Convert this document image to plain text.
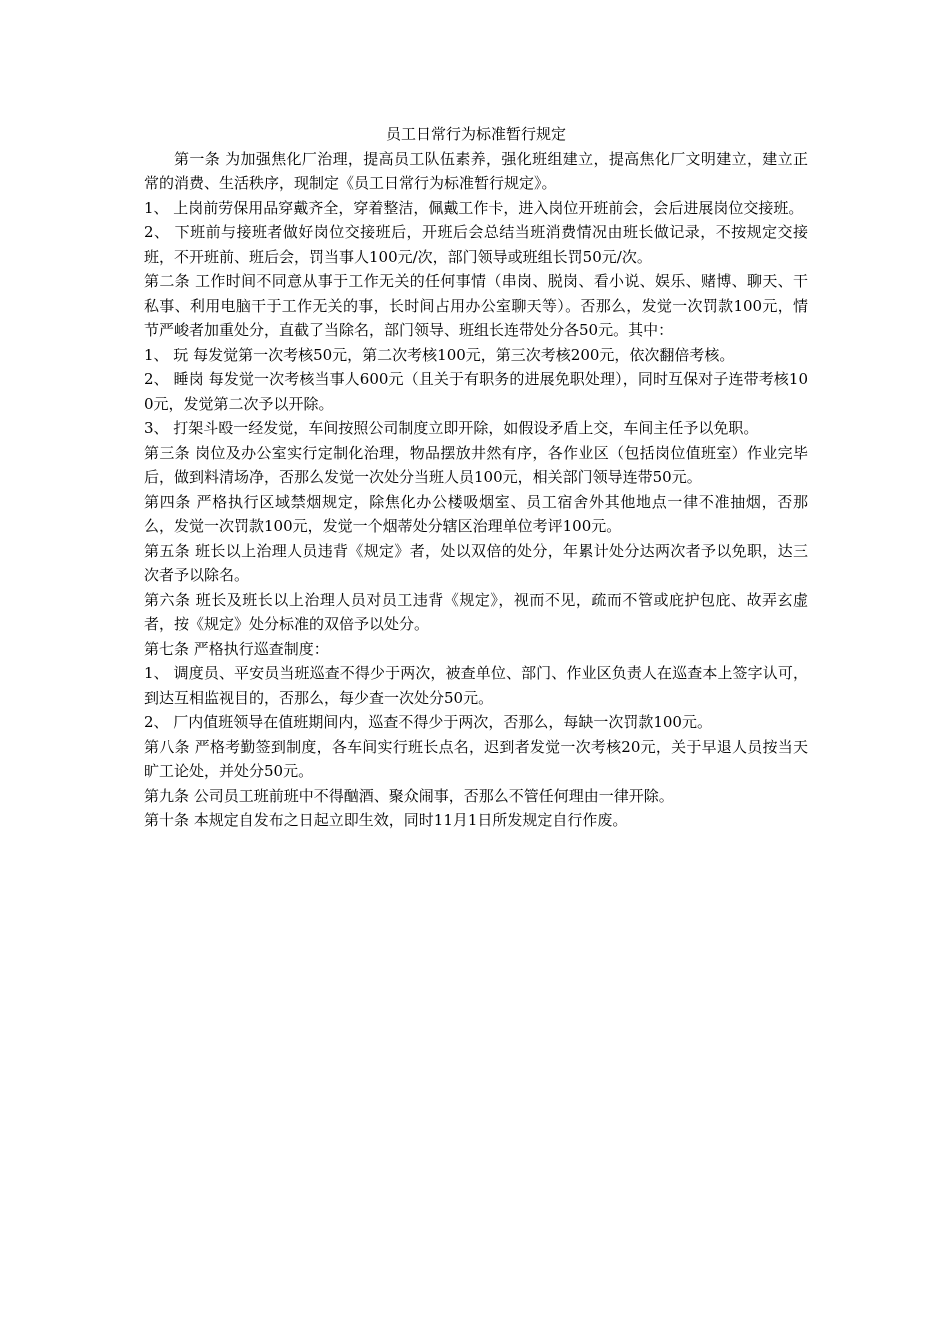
员工日常行为标准暂行规定

第一条 为加强焦化厂治理，提高员工队伍素养，强化班组建立，提高焦化厂文明建立，建立正常的消费、生活秩序，现制定《员工日常行为标准暂行规定》。

1、 上岗前劳保用品穿戴齐全，穿着整洁，佩戴工作卡，进入岗位开班前会，会后进展岗位交接班。

2、 下班前与接班者做好岗位交接班后，开班后会总结当班消费情况由班长做记录，不按规定交接班，不开班前、班后会，罚当事人100元/次，部门领导或班组长罚50元/次。

第二条 工作时间不同意从事于工作无关的任何事情（串岗、脱岗、看小说、娱乐、赌博、聊天、干私事、利用电脑干于工作无关的事，长时间占用办公室聊天等）。否那么，发觉一次罚款100元，情节严峻者加重处分，直截了当除名，部门领导、班组长连带处分各50元。其中：

1、 玩 每发觉第一次考核50元，第二次考核100元，第三次考核200元，依次翻倍考核。

2、 睡岗 每发觉一次考核当事人600元（且关于有职务的进展免职处理），同时互保对子连带考核100元，发觉第二次予以开除。

3、 打架斗殴一经发觉，车间按照公司制度立即开除，如假设矛盾上交，车间主任予以免职。

第三条 岗位及办公室实行定制化治理，物品摆放井然有序，各作业区（包括岗位值班室）作业完毕后，做到料清场净，否那么发觉一次处分当班人员100元，相关部门领导连带50元。

第四条 严格执行区域禁烟规定，除焦化办公楼吸烟室、员工宿舍外其他地点一律不准抽烟，否那么，发觉一次罚款100元，发觉一个烟蒂处分辖区治理单位考评100元。

第五条 班长以上治理人员违背《规定》者，处以双倍的处分，年累计处分达两次者予以免职，达三次者予以除名。

第六条 班长及班长以上治理人员对员工违背《规定》，视而不见，疏而不管或庇护包庇、故弄玄虚者，按《规定》处分标准的双倍予以处分。

第七条 严格执行巡查制度：

1、 调度员、平安员当班巡查不得少于两次，被查单位、部门、作业区负责人在巡查本上签字认可，到达互相监视目的，否那么，每少查一次处分50元。

2、 厂内值班领导在值班期间内，巡查不得少于两次，否那么，每缺一次罚款100元。

第八条 严格考勤签到制度，各车间实行班长点名，迟到者发觉一次考核20元，关于早退人员按当天旷工论处，并处分50元。

第九条 公司员工班前班中不得酗酒、聚众闹事，否那么不管任何理由一律开除。

第十条 本规定自发布之日起立即生效，同时11月1日所发规定自行作废。
